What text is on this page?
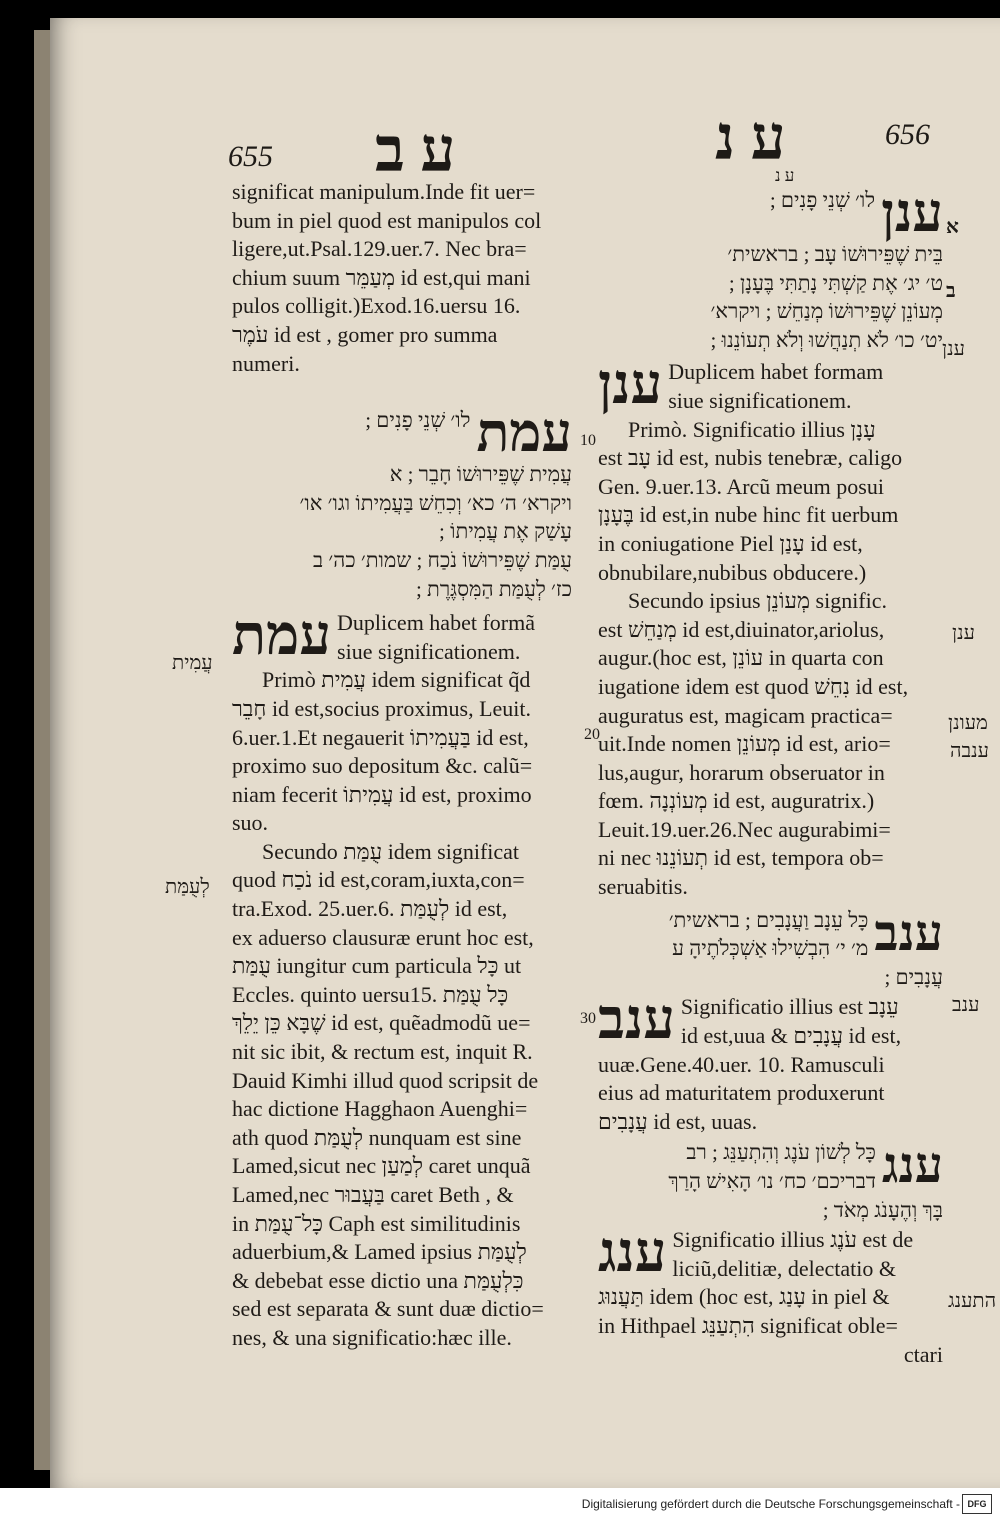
655 ע ב

significat manipulum.Inde fit uer=

bum in piel quod est manipulos col

ligere,ut.Psal.129.uer.7. Nec bra=

chium suum מְעַמֵּר id est,qui mani

pulos colligit.)Exod.16.uersu 16.

עֹמֶר id est , gomer pro summa

numeri.

עמת

לו׳ שְׁנֵי פָנִים ;

עֲמִית שֶׁפֵּירוּשׁוֹ חָבֵר ; א

ויקרא׳ ה׳ כא׳ וְכִחֵשׁ בַּעֲמִיתוֹ וגו׳ או׳

עָשַׁק אֶת עֲמִיתוֹ ;

עֻמַּת שֶׁפֵּירוּשׁוֹ נֹכַח ; שמות׳ כה׳ ב

כז׳ לְעֻמַּת הַמִּסְגֶּרֶת ;

עמת Duplicem habet formã

siue significationem.

Primò עֲמִית idem significat q̃d

חָבֵר id est,socius proximus, Leuit.

6.uer.1.Et negauerit בַּעֲמִיתוֹ id est,

proximo suo depositum &c. calũ=

niam fecerit עֲמִיתוֹ id est, proximo

suo.

Secundo עֻמַּת idem significat

quod נֹכַח id est,coram,iuxta,con=

tra.Exod. 25.uer.6. לְעֻמַּת id est,

ex aduerso clausuræ erunt hoc est,

עֻמַּת iungitur cum particula כָּל ut

Eccles. quinto uersu15. כָּל עֻמַּת

שֶׁבָּא כֵּן יֵלֵךְ id est, quẽadmodũ ue=

nit sic ibit, & rectum est, inquit R.

Dauid Kimhi illud quod scripsit de

hac dictione Hagghaon Auenghi=

ath quod לְעֻמַּת nunquam est sine

Lamed,sicut nec לְמַעַן caret unquã

Lamed,nec בַּעֲבוּר caret Beth , &

in כָּל־עֻמַּת Caph est similitudinis

aduerbium,& Lamed ipsius לְעֻמַּת

& debebat esse dictio una כִּלְעֻמַּת

sed est separata & sunt duæ dictio=

nes, & una significatio:hæc ille.

עֲמִית
לְעֻמַּת
30
ע נ	656
ע נ
ענן

לו׳ שְׁנֵי פָנִים ;

בֵּית שֶׁפֵּירוּשׁוֹ עָב ; בראשית׳

ט׳ יג׳ אֶת קַשְׁתִּי נָתַתִּי בֶּעָנָן ;

מְעוֹנֵן שֶׁפֵּירוּשׁוֹ מְנַחֵשׁ ; ויקרא׳

יט׳ כו׳ לֹא תְנַחֲשׁוּ וְלֹא תְעוֹנֵנוּ ;

ענן Duplicem habet formam

siue significationem.

Primò. Significatio illius עָנָן

est עָב id est, nubis tenebræ, caligo

Gen. 9.uer.13. Arcũ meum posui

בֶּעָנָן id est,in nube hinc fit uerbum

in coniugatione Piel עָנַן id est,

obnubilare,nubibus obducere.)

Secundo ipsius מְעוֹנֵן signific.

est מְנַחֵשׁ id est,diuinator,ariolus,

augur.(hoc est, עוֹנֵן in quarta con

iugatione idem est quod נִחֵשׁ id est,

auguratus est, magicam practica=

uit.Inde nomen מְעוֹנֵן id est, ario=

lus,augur, horarum obseruator in

fœm. מְעוֹנְנָה id est, auguratrix.)

Leuit.19.uer.26.Nec augurabimi=

ni nec תְעוֹנֵנוּ id est, tempora ob=

seruabitis.

ענב

כָּל עֵנָב וַעֲנָבִים ; בראשית׳

מ׳ י׳ הִבְשִׁילוּ אַשְׁכְּלֹתֶיהָ ע

עֲנָבִים ;

ענב Significatio illius est עֵנָב

id est,uua & עֲנָבִים id est,

uuæ.Gene.40.uer. 10. Ramusculi

eius ad maturitatem produxerunt

עֲנָבִים id est, uuas.

ענג

כָּל לְשׁוֹן עֹנֶג וְהִתְעַנֵּג ; רב

דבריכם׳ כח׳ נו׳ הָאִישׁ הָרַךְ

בָּךְ וְהֶעָנֹג מְאֹד ;

ענג Significatio illius עֹנֶג est de

liciũ,delitiæ, delectatio &

תַּעֲנוּג idem (hoc est, עָנַג in piel &

in Hithpael הִתְעַנֵּג significat oble=

ctari

א
ב
ענן
ענן
מעונן
ענבה
ענב
התענג
10
20
Digitalisierung gefördert durch die Deutsche Forschungsgemeinschaft - DFG
